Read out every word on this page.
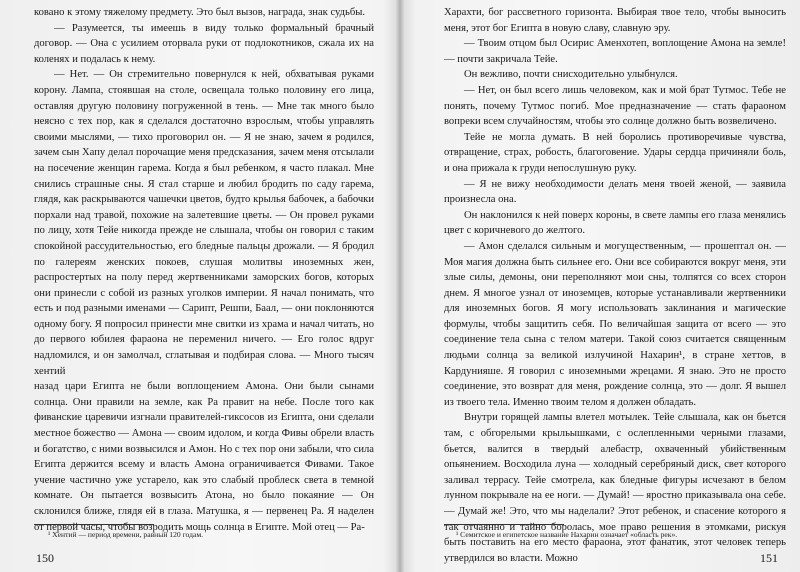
ковано к этому тяжелому предмету. Это был вызов, награда, знак судьбы.

— Разумеется, ты имеешь в виду только формальный брачный договор. — Она с усилием оторвала руки от подлокотников, сжала их на коленях и подалась к нему.

— Нет. — Он стремительно повернулся к ней, обхватывая руками корону. Лампа, стоявшая на столе, освещала только половину его лица, оставляя другую половину погруженной в тень. — Мне так много было неясно с тех пор, как я сделался достаточно взрослым, чтобы управлять своими мыслями, — тихо проговорил он. — Я не знаю, зачем я родился, зачем сын Хапу делал порочащие меня предсказания, зачем меня отсылали на посечение женщин гарема. Когда я был ребенком, я часто плакал. Мне снились страшные сны. Я стал старше и любил бродить по саду гарема, глядя, как раскрываются чашечки цветов, будто крылья бабочек, а бабочки порхали над травой, похожие на залетевшие цветы. — Он провел руками по лицу, хотя Тейе никогда прежде не слышала, чтобы он говорил с таким спокойной рассудительностью, его бледные пальцы дрожали. — Я бродил по галереям женских покоев, слушая молитвы иноземных жен, распростертых на полу перед жертвенниками заморских богов, которых они принесли с собой из разных уголков империи. Я начал понимать, что есть и под разными именами — Сарипт, Решпи, Баал, — они поклоняются одному богу. Я попросил принести мне свитки из храма и начал читать, но до первого юбилея фараона не переменил ничего. — Его голос вдруг надломился, и он замолчал, сглатывая и подбирая слова. — Много тысяч хентий

назад цари Египта не были воплощением Амона. Они были сынами солнца. Они правили на земле, как Ра правит на небе. После того как фиванские царевичи изгнали правителей-гиксосов из Египта, они сделали местное божество — Амона — своим идолом, и когда Фивы обрели власть и богатство, с ними возвысился и Амон. Но с тех пор они забыли, что сила Египта держится всему и власть Амона ограничивается Фивами. Такое учение частично уже устарело, как это слабый проблеск света в темной комнате. Он пытается возвысить Атона, но было покаяние — Он склонился ближе, глядя ей в глаза. Матушка, я — первенец Ра. Я наделен от первой часы, чтобы возродить мощь солнца в Египте. Мой отец — Ра-

¹ Хентий — период времени, равный 120 годам.
150

Харахти, бог рассветного горизонта. Выбирая твое тело, чтобы выносить меня, этот бог Египта в новую славу, славную эру.

— Твоим отцом был Осирис Аменхотеп, воплощение Амона на земле! — почти закричала Тейе.

Он вежливо, почти снисходительно улыбнулся.

— Нет, он был всего лишь человеком, как и мой брат Тутмос. Тебе не понять, почему Тутмос погиб. Мое предназначение — стать фараоном вопреки всем случайностям, чтобы это солнце должно быть возвеличено.

Тейе не могла думать. В ней боролись противоречивые чувства, отвращение, страх, робость, благоговение. Удары сердца причиняли боль, и она прижала к груди непослушную руку.

— Я не вижу необходимости делать меня твоей женой, — заявила произнесла она.

Он наклонился к ней поверх короны, в свете лампы его глаза менялись цвет с коричневого до желтого.

— Амон сделался сильным и могущественным, — прошептал он. — Моя магия должна быть сильнее его. Они все собираются вокруг меня, эти злые силы, демоны, они переполняют мои сны, толпятся со всех сторон днем. Я многое узнал от иноземцев, которые устанавливали жертвенники для иноземных богов. Я могу использовать заклинания и магические формулы, чтобы защитить себя. По величайшая защита от всего — это соединение тела сына с телом матери. Такой союз считается священным людьми солнца за великой излучиной Нахарин¹, в стране хеттов, в Кардунияше. Я говорил с иноземными жрецами. Я знаю. Это не просто соединение, это возврат для меня, рождение солнца, это — долг. Я вышел из твоего тела. Именно твоим телом я должен обладать.

Внутри горящей лампы влетел мотылек. Тейе слышала, как он бьется там, с обгорелыми крыльышками, с ослепленными черными глазами, бьется, валится в твердый алебастр, охваченный убийственным опьянением. Восходила луна — холодный серебряный диск, свет которого заливал террасу. Тейе смотрела, как бледные фигуры исчезают в белом лунном покрывале на ее ноги. — Думай! — яростно приказывала она себе. — Думай же! Это, что мы наделали? Этот ребенок, и спасение которого я так отчаянно и тайно боролась, мое право решения в этомками, рискуя быть поставить на его место фараона, этот фанатик, этот человек теперь утвердился во власти. Можно

¹ Семитское и египетское название Нахарин означает «область рек».
151
